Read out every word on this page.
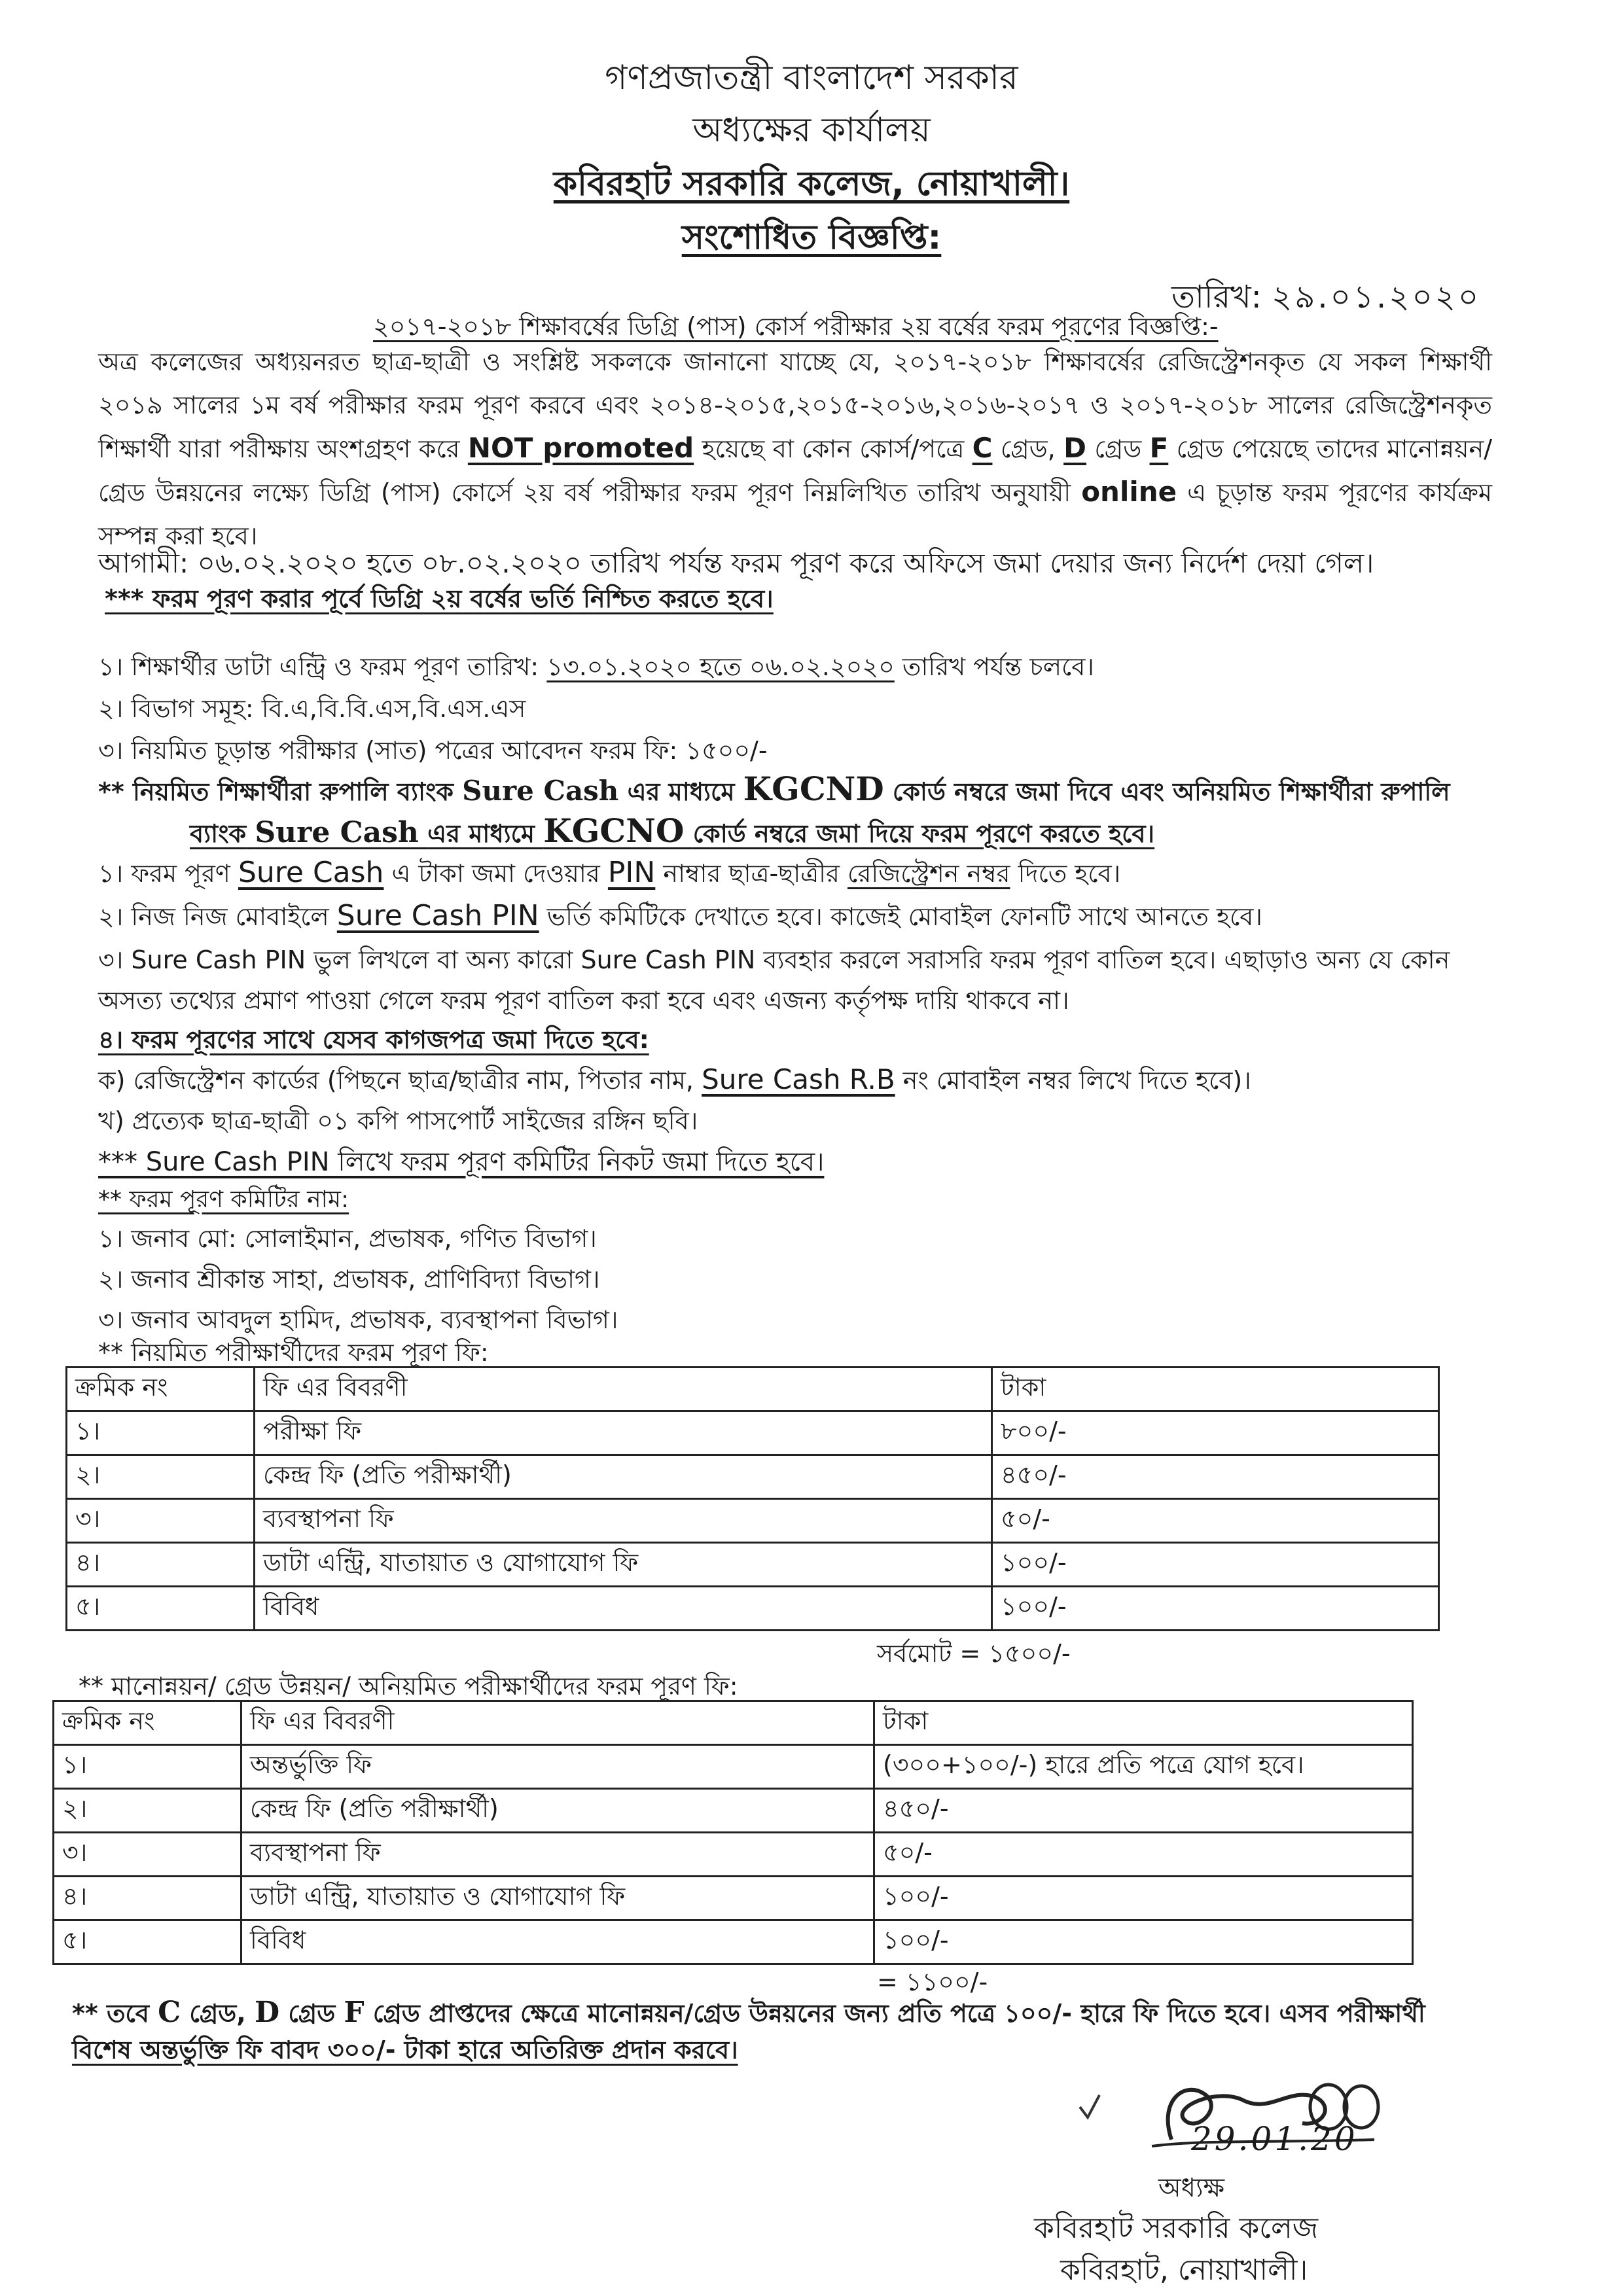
গণপ্রজাতন্ত্রী বাংলাদেশ সরকার
অধ্যক্ষের কার্যালয়
কবিরহাট সরকারি কলেজ, নোয়াখালী।
সংশোধিত বিজ্ঞপ্তি:
তারিখ: ২৯.০১.২০২০
২০১৭-২০১৮ শিক্ষাবর্ষের ডিগ্রি (পাস) কোর্স পরীক্ষার ২য় বর্ষের ফরম পূরণের বিজ্ঞপ্তি:-
অত্র কলেজের অধ্যয়নরত ছাত্র-ছাত্রী ও সংশ্লিষ্ট সকলকে জানানো যাচ্ছে যে, ২০১৭-২০১৮ শিক্ষাবর্ষের রেজিস্ট্রেশনকৃত যে সকল শিক্ষার্থী ২০১৯ সালের ১ম বর্ষ পরীক্ষার ফরম পূরণ করবে এবং ২০১৪-২০১৫,২০১৫-২০১৬,২০১৬-২০১৭ ও ২০১৭-২০১৮ সালের রেজিস্ট্রেশনকৃত শিক্ষার্থী যারা পরীক্ষায় অংশগ্রহণ করে NOT promoted হয়েছে বা কোন কোর্স/পত্রে C গ্রেড, D গ্রেড F গ্রেড পেয়েছে তাদের মানোন্নয়ন/গ্রেড উন্নয়নের লক্ষ্যে ডিগ্রি (পাস) কোর্সে ২য় বর্ষ পরীক্ষার ফরম পূরণ নিম্নলিখিত তারিখ অনুযায়ী online এ চূড়ান্ত ফরম পূরণের কার্যক্রম সম্পন্ন করা হবে।
আগামী: ০৬.০২.২০২০ হতে ০৮.০২.২০২০ তারিখ পর্যন্ত ফরম পূরণ করে অফিসে জমা দেয়ার জন্য নির্দেশ দেয়া গেল।
*** ফরম পূরণ করার পূর্বে ডিগ্রি ২য় বর্ষের ভর্তি নিশ্চিত করতে হবে।
১। শিক্ষার্থীর ডাটা এন্ট্রি ও ফরম পূরণ তারিখ: ১৩.০১.২০২০ হতে ০৬.০২.২০২০ তারিখ পর্যন্ত চলবে।
২। বিভাগ সমূহ: বি.এ,বি.বি.এস,বি.এস.এস
৩। নিয়মিত চূড়ান্ত পরীক্ষার (সাত) পত্রের আবেদন ফরম ফি: ১৫০০/-
** নিয়মিত শিক্ষার্থীরা রুপালি ব্যাংক Sure Cash এর মাধ্যমে KGCND কোর্ড নম্বরে জমা দিবে এবং অনিয়মিত শিক্ষার্থীরা রুপালি
ব্যাংক Sure Cash এর মাধ্যমে KGCNO কোর্ড নম্বরে জমা দিয়ে ফরম পূরণে করতে হবে।
১। ফরম পূরণ Sure Cash এ টাকা জমা দেওয়ার PIN নাম্বার ছাত্র-ছাত্রীর রেজিস্ট্রেশন নম্বর দিতে হবে।
২। নিজ নিজ মোবাইলে Sure Cash PIN ভর্তি কমিটিকে দেখাতে হবে। কাজেই মোবাইল ফোনটি সাথে আনতে হবে।
৩। Sure Cash PIN ভুল লিখলে বা অন্য কারো Sure Cash PIN ব্যবহার করলে সরাসরি ফরম পূরণ বাতিল হবে। এছাড়াও অন্য যে কোন
অসত্য তথ্যের প্রমাণ পাওয়া গেলে ফরম পূরণ বাতিল করা হবে এবং এজন্য কর্তৃপক্ষ দায়ি থাকবে না।
৪। ফরম পূরণের সাথে যেসব কাগজপত্র জমা দিতে হবে:
ক) রেজিস্ট্রেশন কার্ডের (পিছনে ছাত্র/ছাত্রীর নাম, পিতার নাম, Sure Cash R.B নং মোবাইল নম্বর লিখে দিতে হবে)।
খ) প্রত্যেক ছাত্র-ছাত্রী ০১ কপি পাসপোর্ট সাইজের রঙ্গিন ছবি।
*** Sure Cash PIN লিখে ফরম পূরণ কমিটির নিকট জমা দিতে হবে।
** ফরম পূরণ কমিটির নাম:
১। জনাব মো: সোলাইমান, প্রভাষক, গণিত বিভাগ।
২। জনাব শ্রীকান্ত সাহা, প্রভাষক, প্রাণিবিদ্যা বিভাগ।
৩। জনাব আবদুল হামিদ, প্রভাষক, ব্যবস্থাপনা বিভাগ।
** নিয়মিত পরীক্ষার্থীদের ফরম পূরণ ফি:
ক্রমিক নং	ফি এর বিবরণী	টাকা
১।	পরীক্ষা ফি	৮০০/-
২।	কেন্দ্র ফি (প্রতি পরীক্ষার্থী)	৪৫০/-
৩।	ব্যবস্থাপনা ফি	৫০/-
৪।	ডাটা এন্ট্রি, যাতায়াত ও যোগাযোগ ফি	১০০/-
৫।	বিবিধ	১০০/-
সর্বমোট = ১৫০০/-
** মানোন্নয়ন/ গ্রেড উন্নয়ন/ অনিয়মিত পরীক্ষার্থীদের ফরম পূরণ ফি:
ক্রমিক নং	ফি এর বিবরণী	টাকা
১।	অন্তর্ভুক্তি ফি	(৩০০+১০০/-) হারে প্রতি পত্রে যোগ হবে।
২।	কেন্দ্র ফি (প্রতি পরীক্ষার্থী)	৪৫০/-
৩।	ব্যবস্থাপনা ফি	৫০/-
৪।	ডাটা এন্ট্রি, যাতায়াত ও যোগাযোগ ফি	১০০/-
৫।	বিবিধ	১০০/-
= ১১০০/-
** তবে C গ্রেড, D গ্রেড F গ্রেড প্রাপ্তদের ক্ষেত্রে মানোন্নয়ন/গ্রেড উন্নয়নের জন্য প্রতি পত্রে ১০০/- হারে ফি দিতে হবে। এসব পরীক্ষার্থী
বিশেষ অন্তর্ভুক্তি ফি বাবদ ৩০০/- টাকা হারে অতিরিক্ত প্রদান করবে।
29.01.20
অধ্যক্ষ
কবিরহাট সরকারি কলেজ
কবিরহাট, নোয়াখালী।
